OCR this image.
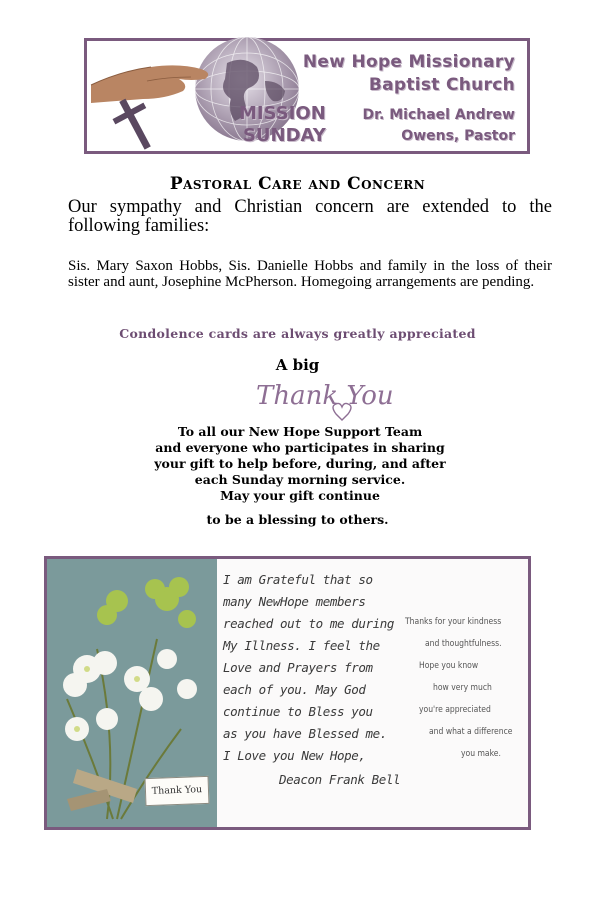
MISSION
SUNDAY
New Hope Missionary
Baptist Church
Dr. Michael Andrew
Owens, Pastor
Pastoral Care and Concern
Our sympathy and Christian concern are extended to the following families:
Sis. Mary Saxon Hobbs, Sis. Danielle Hobbs and family in the loss of their sister and aunt, Josephine McPherson. Homegoing arrangements are pending.
Condolence cards are always greatly appreciated
A big
Thank You
To all our New Hope Support Team
and everyone who participates in sharing
your gift to help before, during, and after
each Sunday morning service.
May your gift continue
to be a blessing to others.
Thank You
I am Grateful that so
many NewHope members
reached out to me during
My Illness. I feel the
Love and Prayers from
each of you. May God
continue to Bless you
as you have Blessed me.
I Love you New Hope,
Deacon Frank Bell
Thanks for your kindness
and thoughtfulness.
Hope you know
how very much
you're appreciated
and what a difference
you make.
